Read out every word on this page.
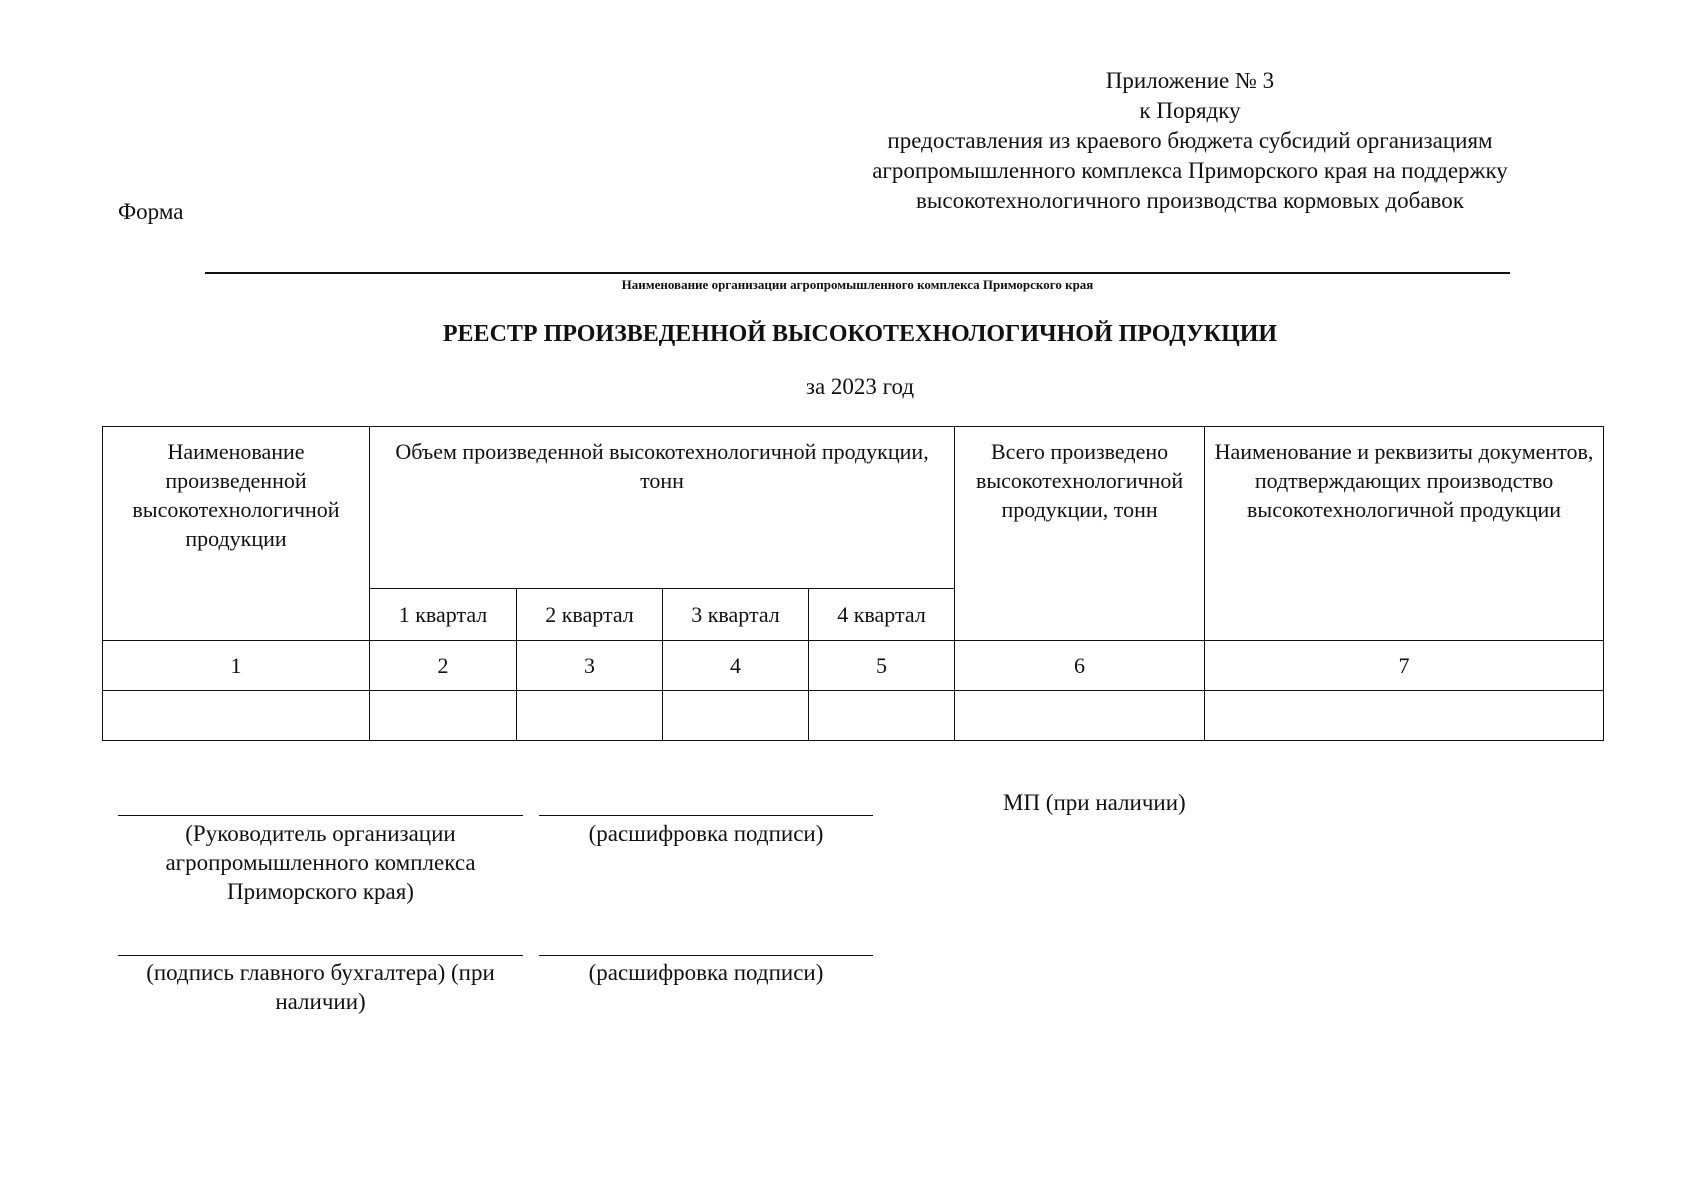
Приложение № 3
к Порядку
предоставления из краевого бюджета субсидий организациям
агропромышленного комплекса Приморского края на поддержку
высокотехнологичного производства кормовых добавок
Форма
Наименование организации агропромышленного комплекса Приморского края
РЕЕСТР ПРОИЗВЕДЕННОЙ ВЫСОКОТЕХНОЛОГИЧНОЙ ПРОДУКЦИИ
за 2023 год
Наименование произведенной высокотехнологичной продукции	Объем произведенной высокотехнологичной продукции, тонн				Всего произведено высокотехнологичной продукции, тонн	Наименование и реквизиты документов, подтверждающих производство высокотехнологичной продукции
	1 квартал	2 квартал	3 квартал	4 квартал		
1	2	3	4	5	6	7

(Руководитель организации агропромышленного комплекса Приморского края)
(расшифровка подписи)
МП (при наличии)
(подпись главного бухгалтера) (при наличии)
(расшифровка подписи)
